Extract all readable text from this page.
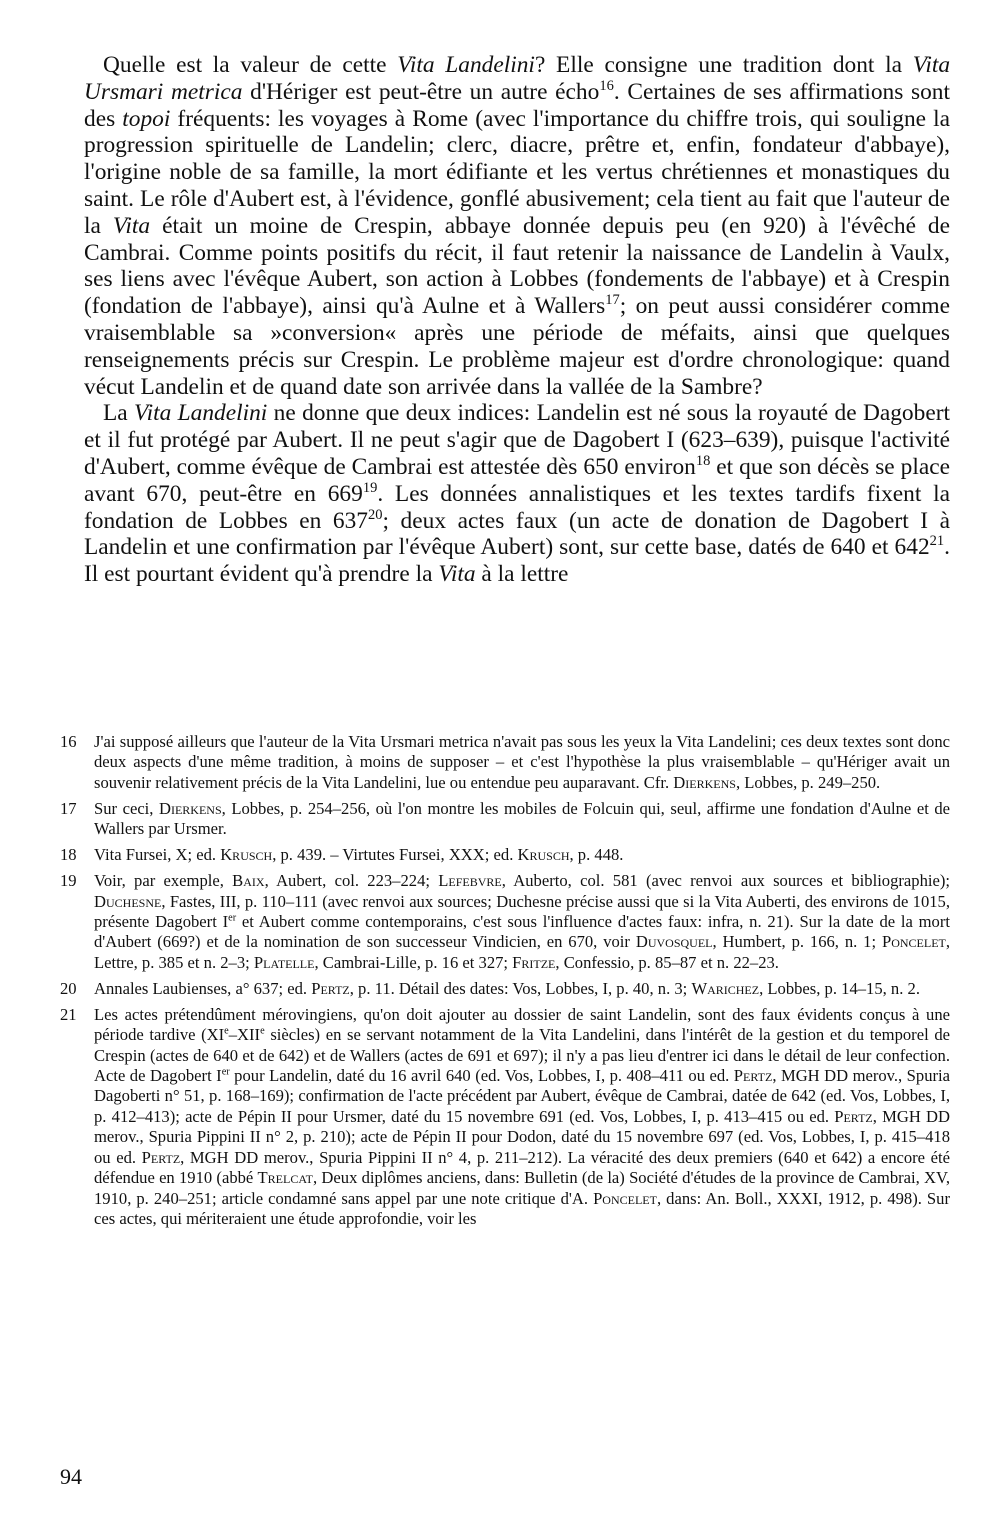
Quelle est la valeur de cette Vita Landelini? Elle consigne une tradition dont la Vita Ursmari metrica d'Hériger est peut-être un autre écho$^{16}$. Certaines de ses affirmations sont des topoi fréquents: les voyages à Rome (avec l'importance du chiffre trois, qui souligne la progression spirituelle de Landelin; clerc, diacre, prêtre et, enfin, fondateur d'abbaye), l'origine noble de sa famille, la mort édifiante et les vertus chrétiennes et monastiques du saint. Le rôle d'Aubert est, à l'évidence, gonflé abusivement; cela tient au fait que l'auteur de la Vita était un moine de Crespin, abbaye donnée depuis peu (en 920) à l'évêché de Cambrai. Comme points positifs du récit, il faut retenir la naissance de Landelin à Vaulx, ses liens avec l'évêque Aubert, son action à Lobbes (fondements de l'abbaye) et à Crespin (fondation de l'abbaye), ainsi qu'à Aulne et à Wallers$^{17}$; on peut aussi considérer comme vraisemblable sa »conversion« après une période de méfaits, ainsi que quelques renseignements précis sur Crespin. Le problème majeur est d'ordre chronologique: quand vécut Landelin et de quand date son arrivée dans la vallée de la Sambre?

La Vita Landelini ne donne que deux indices: Landelin est né sous la royauté de Dagobert et il fut protégé par Aubert. Il ne peut s'agir que de Dagobert I (623–639), puisque l'activité d'Aubert, comme évêque de Cambrai est attestée dès 650 environ$^{18}$ et que son décès se place avant 670, peut-être en $669^{19}$. Les données annalistiques et les textes tardifs fixent la fondation de Lobbes en $637^{20}$; deux actes faux (un acte de donation de Dagobert I à Landelin et une confirmation par l'évêque Aubert) sont, sur cette base, datés de 640 et $642^{21}$. Il est pourtant évident qu'à prendre la Vita à la lettre

16 J'ai supposé ailleurs que l'auteur de la Vita Ursmari metrica n'avait pas sous les yeux la Vita Landelini; ces deux textes sont donc deux aspects d'une même tradition, à moins de supposer – et c'est l'hypothèse la plus vraisemblable – qu'Hériger avait un souvenir relativement précis de la Vita Landelini, lue ou entendue peu auparavant. Cfr. Dierkens, Lobbes, p. 249–250.
17 Sur ceci, Dierkens, Lobbes, p. 254–256, où l'on montre les mobiles de Folcuin qui, seul, affirme une fondation d'Aulne et de Wallers par Ursmer.
18 Vita Fursei, X; ed. Krusch, p. 439. – Virtutes Fursei, XXX; ed. Krusch, p. 448.
19 Voir, par exemple, Baix, Aubert, col. 223–224; Lefebvre, Auberto, col. 581 (avec renvoi aux sources et bibliographie); Duchesne, Fastes, III, p. 110–111 (avec renvoi aux sources; Duchesne précise aussi que si la Vita Auberti, des environs de 1015, présente Dagobert Ier et Aubert comme contemporains, c'est sous l'influence d'actes faux: infra, n. 21). Sur la date de la mort d'Aubert (669?) et de la nomination de son successeur Vindicien, en 670, voir Duvosquel, Humbert, p. 166, n. 1; Poncelet, Lettre, p. 385 et n. 2–3; Platelle, Cambrai-Lille, p. 16 et 327; Fritze, Confessio, p. 85–87 et n. 22–23.
20 Annales Laubienses, a° 637; ed. Pertz, p. 11. Détail des dates: Vos, Lobbes, I, p. 40, n. 3; Warichez, Lobbes, p. 14–15, n. 2.
21 Les actes prétendûment mérovingiens, qu'on doit ajouter au dossier de saint Landelin, sont des faux évidents conçus à une période tardive (XIe–XIIe siècles) en se servant notamment de la Vita Landelini, dans l'intérêt de la gestion et du temporel de Crespin (actes de 640 et de 642) et de Wallers (actes de 691 et 697); il n'y a pas lieu d'entrer ici dans le détail de leur confection. Acte de Dagobert Ier pour Landelin, daté du 16 avril 640 (ed. Vos, Lobbes, I, p. 408–411 ou ed. Pertz, MGH DD merov., Spuria Dagoberti n° 51, p. 168–169); confirmation de l'acte précédent par Aubert, évêque de Cambrai, datée de 642 (ed. Vos, Lobbes, I, p. 412–413); acte de Pépin II pour Ursmer, daté du 15 novembre 691 (ed. Vos, Lobbes, I, p. 413–415 ou ed. Pertz, MGH DD merov., Spuria Pippini II n° 2, p. 210); acte de Pépin II pour Dodon, daté du 15 novembre 697 (ed. Vos, Lobbes, I, p. 415–418 ou ed. Pertz, MGH DD merov., Spuria Pippini II n° 4, p. 211–212). La véracité des deux premiers (640 et 642) a encore été défendue en 1910 (abbé Trelcat, Deux diplômes anciens, dans: Bulletin (de la) Société d'études de la province de Cambrai, XV, 1910, p. 240–251; article condamné sans appel par une note critique d'A. Poncelet, dans: An. Boll., XXXI, 1912, p. 498). Sur ces actes, qui mériteraient une étude approfondie, voir les
94
